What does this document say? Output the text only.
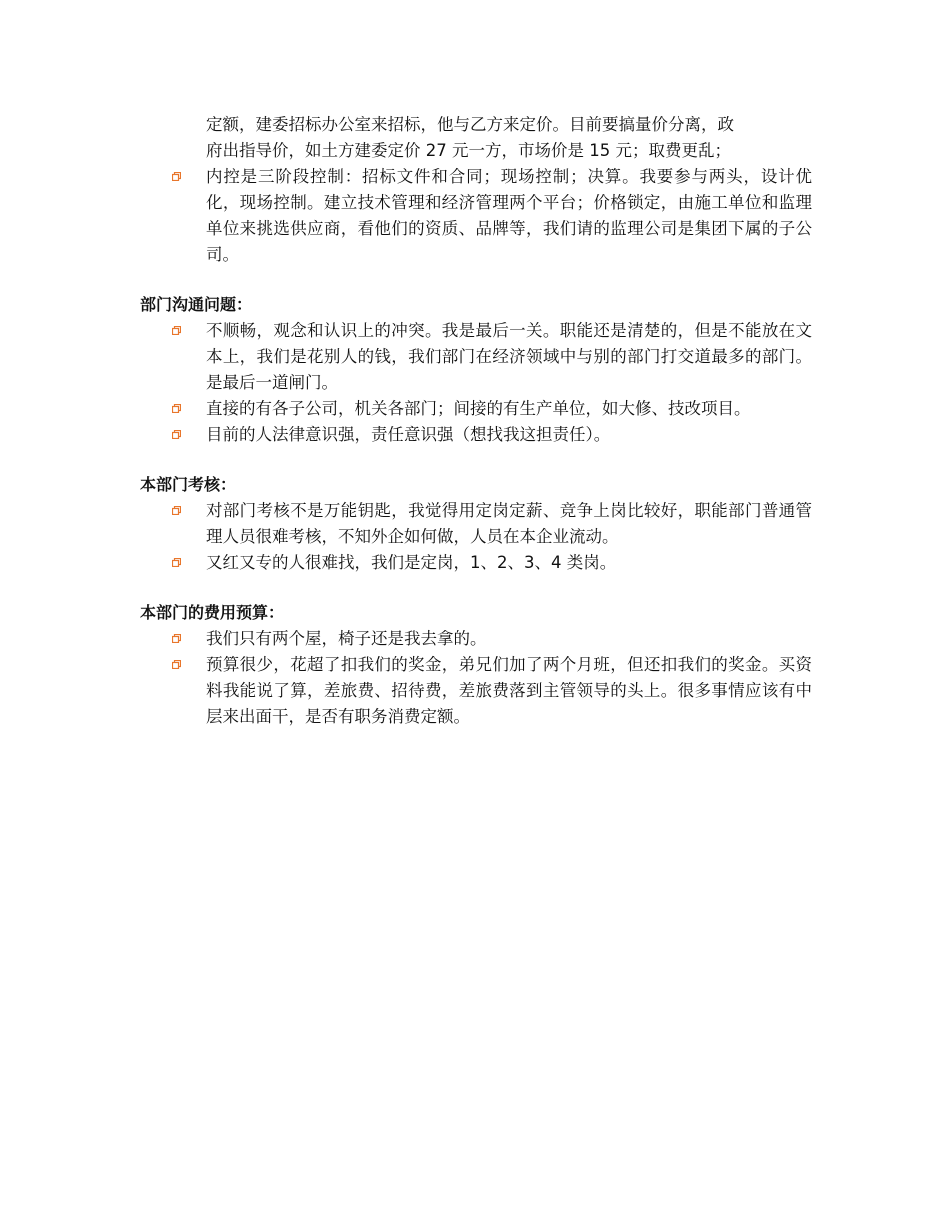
定额，建委招标办公室来招标，他与乙方来定价。目前要搞量价分离，政
府出指导价，如土方建委定价 27 元一方，市场价是 15 元；取费更乱；
内控是三阶段控制：招标文件和合同；现场控制；决算。我要参与两头，设计优化，现场控制。建立技术管理和经济管理两个平台；价格锁定，由施工单位和监理单位来挑选供应商，看他们的资质、品牌等，我们请的监理公司是集团下属的子公司。
部门沟通问题：
不顺畅，观念和认识上的冲突。我是最后一关。职能还是清楚的，但是不能放在文本上，我们是花别人的钱，我们部门在经济领域中与别的部门打交道最多的部门。是最后一道闸门。
直接的有各子公司，机关各部门；间接的有生产单位，如大修、技改项目。
目前的人法律意识强，责任意识强（想找我这担责任）。
本部门考核：
对部门考核不是万能钥匙，我觉得用定岗定薪、竞争上岗比较好，职能部门普通管理人员很难考核，不知外企如何做，人员在本企业流动。
又红又专的人很难找，我们是定岗，1、2、3、4 类岗。
本部门的费用预算：
我们只有两个屋，椅子还是我去拿的。
预算很少，花超了扣我们的奖金，弟兄们加了两个月班，但还扣我们的奖金。买资料我能说了算，差旅费、招待费，差旅费落到主管领导的头上。很多事情应该有中层来出面干，是否有职务消费定额。
